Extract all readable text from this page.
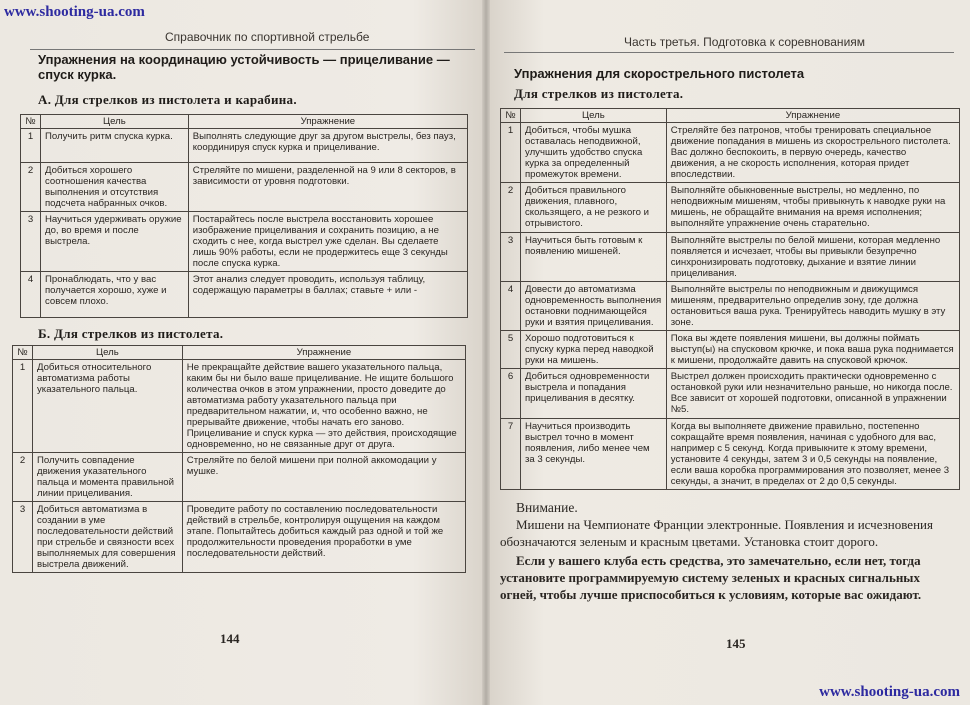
Справочник по спортивной стрельбе
Упражнения на координацию устойчивость — прицеливание —
спуск курка.
А. Для стрелков из пистолета и карабина.
№	Цель	Упражнение
1	Получить ритм спуска курка.	Выполнять следующие друг за другом выстрелы, без пауз, координируя спуск курка и прицеливание.
2	Добиться хорошего соотношения качества выполнения и отсутствия подсчета набранных очков.	Стреляйте по мишени, разделенной на 9 или 8 секторов, в зависимости от уровня подготовки.
3	Научиться удерживать оружие до, во время и после выстрела.	Постарайтесь после выстрела восстановить хорошее изображение прицеливания и сохранить позицию, а не сходить с нее, когда выстрел уже сделан. Вы сделаете лишь 90% работы, если не продержитесь еще 3 секунды после спуска курка.
4	Пронаблюдать, что у вас получается хорошо, хуже и совсем плохо.	Этот анализ следует проводить, используя таблицу, содержащую параметры в баллах; ставьте + или -
Б. Для стрелков из пистолета.
№	Цель	Упражнение
1	Добиться относительного автоматизма работы указательного пальца.	Не прекращайте действие вашего указательного пальца, каким бы ни было ваше прицеливание. Не ищите большого количества очков в этом упражнении, просто доведите до автоматизма работу указательного пальца при предварительном нажатии, и, что особенно важно, не прерывайте движение, чтобы начать его заново. Прицеливание и спуск курка — это действия, происходящие одновременно, но не связанные друг от друга.
2	Получить совпадение движения указательного пальца и момента правильной линии прицеливания.	Стреляйте по белой мишени при полной аккомодации у мушке.
3	Добиться автоматизма в создании в уме последовательности действий при стрельбе и связности всех выполняемых для совершения выстрела движений.	Проведите работу по составлению последовательности действий в стрельбе, контролируя ощущения на каждом этапе. Попытайтесь добиться каждый раз одной и той же продолжительности проведения проработки в уме последовательности действий.
144
Часть третья. Подготовка к соревнованиям
Упражнения для скорострельного пистолета
Для стрелков из пистолета.
№	Цель	Упражнение
1	Добиться, чтобы мушка оставалась неподвижной, улучшить удобство спуска курка за определенный промежуток времени.	Стреляйте без патронов, чтобы тренировать специальное движение попадания в мишень из скорострельного пистолета. Вас должно беспокоить, в первую очередь, качество движения, а не скорость исполнения, которая придет впоследствии.
2	Добиться правильного движения, плавного, скользящего, а не резкого и отрывистого.	Выполняйте обыкновенные выстрелы, но медленно, по неподвижным мишеням, чтобы привыкнуть к наводке руки на мишень, не обращайте внимания на время исполнения; выполняйте упражнение очень старательно.
3	Научиться быть готовым к появлению мишеней.	Выполняйте выстрелы по белой мишени, которая медленно появляется и исчезает, чтобы вы привыкли безупречно синхронизировать подготовку, дыхание и взятие линии прицеливания.
4	Довести до автоматизма одновременность выполнения остановки поднимающейся руки и взятия прицеливания.	Выполняйте выстрелы по неподвижным и движущимся мишеням, предварительно определив зону, где должна остановиться ваша рука. Тренируйтесь наводить мушку в эту зоне.
5	Хорошо подготовиться к спуску курка перед наводкой руки на мишень.	Пока вы ждете появления мишени, вы должны поймать выступ(ы) на спусковом крючке, и пока ваша рука поднимается к мишени, продолжайте давить на спусковой крючок.
6	Добиться одновременности выстрела и попадания прицеливания в десятку.	Выстрел должен происходить практически одновременно с остановкой руки или незначительно раньше, но никогда после. Все зависит от хорошей подготовки, описанной в упражнении №5.
7	Научиться производить выстрел точно в момент появления, либо менее чем за 3 секунды.	Когда вы выполняете движение правильно, постепенно сокращайте время появления, начиная с удобного для вас, например с 5 секунд. Когда привыкните к этому времени, установите 4 секунды, затем 3 и 0,5 секунды на появление, если ваша коробка программирования это позволяет, менее 3 секунды, а значит, в пределах от 2 до 0,5 секунды.
Внимание.

Мишени на Чемпионате Франции электронные. Появления и исчезновения обозначаются зеленым и красным цветами. Установка стоит дорого.

Если у вашего клуба есть средства, это замечательно, если нет, тогда установите программируемую систему зеленых и красных сигнальных огней, чтобы лучше приспособиться к условиям, которые вас ожидают.

145
www.shooting-ua.com
www.shooting-ua.com
